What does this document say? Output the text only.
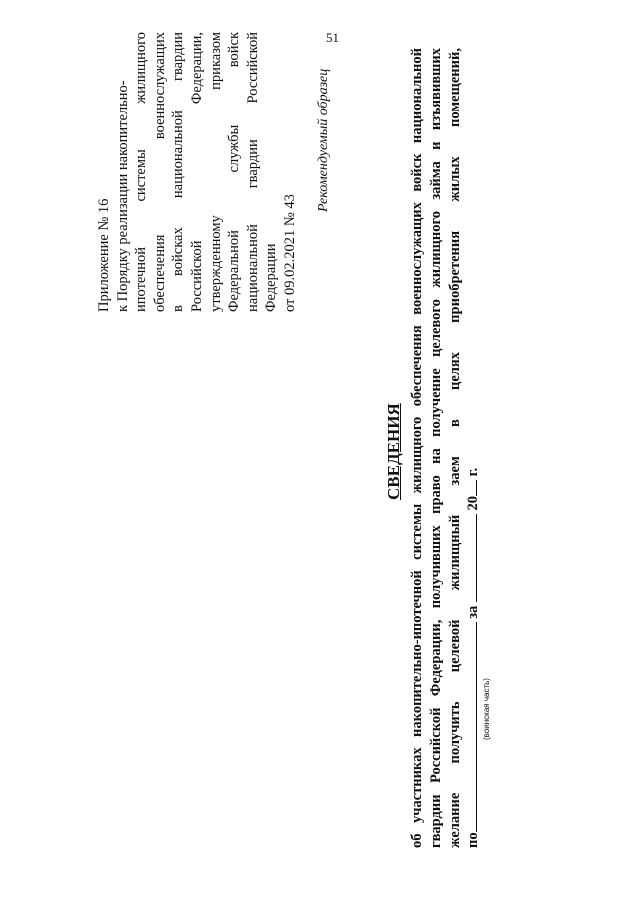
51
Приложение № 16 к Порядку реализации накопительно- ипотечной системы жилищного обеспечения военнослужащих в войсках национальной гвардии Российской Федерации, утвержденному приказом Федеральной службы войск национальной гвардии Российской Федерации от 09.02.2021 № 43
Рекомендуемый образец
СВЕДЕНИЯ об участниках накопительно-ипотечной системы жилищного обеспечения военнослужащих войск национальной гвардии Российской Федерации, получивших право на получение целевого жилищного займа и изъявивших желание получить целевой жилищный заем в целях приобретения жилых помещений, по за  20 г.
(воинская часть)
